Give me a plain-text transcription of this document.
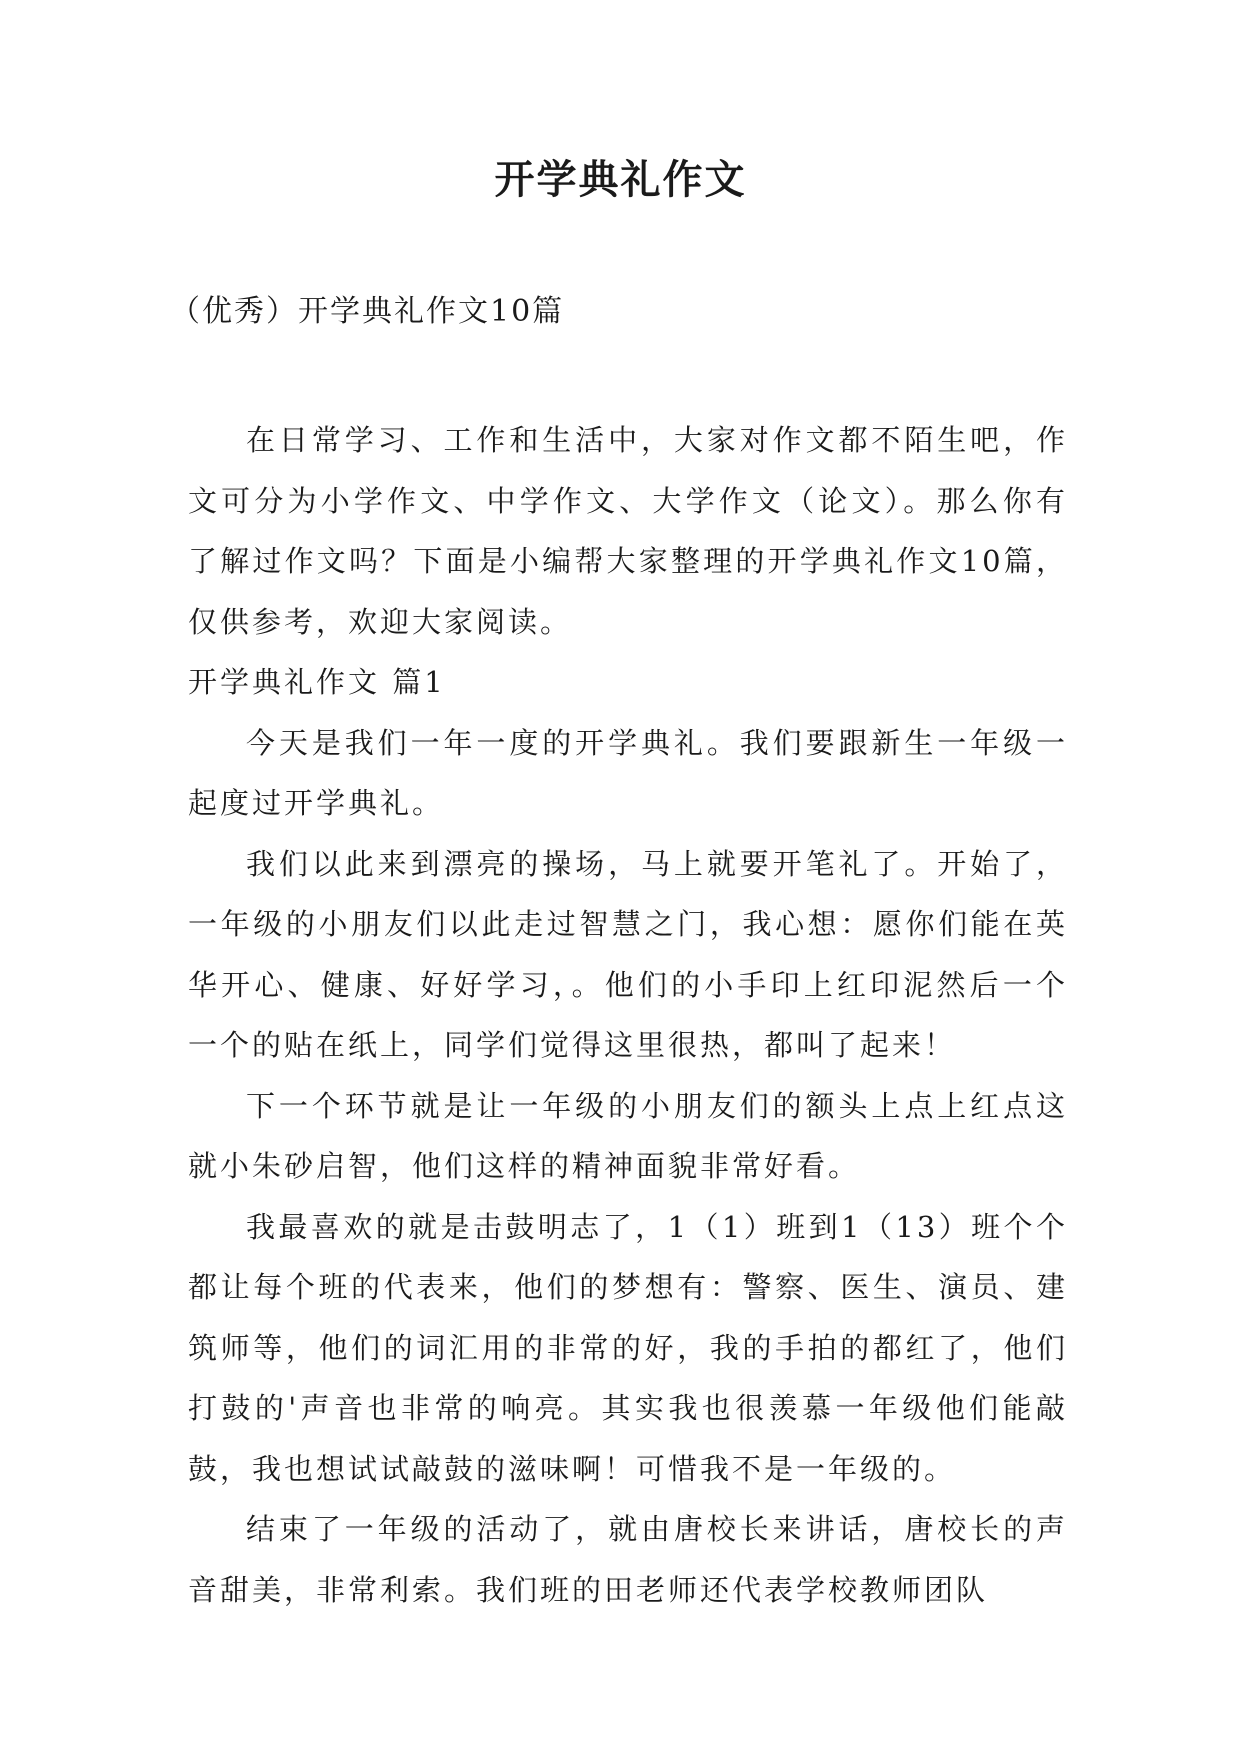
开学典礼作文
（优秀）开学典礼作文10篇

在日常学习、工作和生活中，大家对作文都不陌生吧，作文可分为小学作文、中学作文、大学作文（论文）。那么你有了解过作文吗？下面是小编帮大家整理的开学典礼作文10篇，仅供参考，欢迎大家阅读。

开学典礼作文 篇1

今天是我们一年一度的开学典礼。我们要跟新生一年级一起度过开学典礼。

我们以此来到漂亮的操场，马上就要开笔礼了。开始了，一年级的小朋友们以此走过智慧之门，我心想：愿你们能在英华开心、健康、好好学习，。他们的小手印上红印泥然后一个一个的贴在纸上，同学们觉得这里很热，都叫了起来！

下一个环节就是让一年级的小朋友们的额头上点上红点这就小朱砂启智，他们这样的精神面貌非常好看。

我最喜欢的就是击鼓明志了，1（1）班到1（13）班个个都让每个班的代表来，他们的梦想有：警察、医生、演员、建筑师等，他们的词汇用的非常的好，我的手拍的都红了，他们打鼓的'声音也非常的响亮。其实我也很羡慕一年级他们能敲鼓，我也想试试敲鼓的滋味啊！可惜我不是一年级的。

结束了一年级的活动了，就由唐校长来讲话，唐校长的声音甜美，非常利索。我们班的田老师还代表学校教师团队
